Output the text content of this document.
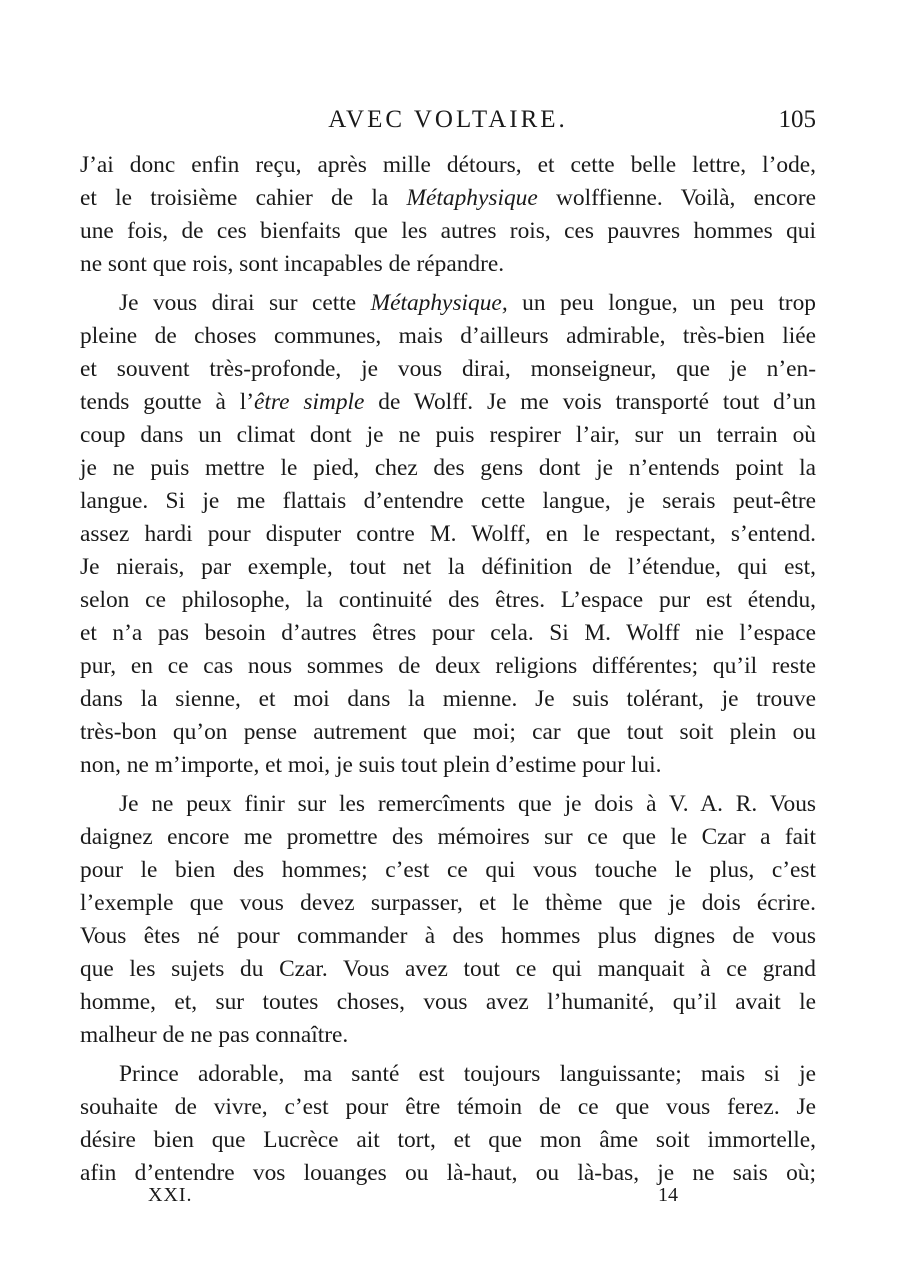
AVEC VOLTAIRE.	105
J’ai donc enfin reçu, après mille détours, et cette belle lettre, l’ode,
et le troisième cahier de la Métaphysique wolffienne. Voilà, encore
une fois, de ces bienfaits que les autres rois, ces pauvres hommes qui
ne sont que rois, sont incapables de répandre.
Je vous dirai sur cette Métaphysique, un peu longue, un peu trop
pleine de choses communes, mais d’ailleurs admirable, très-bien liée
et souvent très-profonde, je vous dirai, monseigneur, que je n’en-
tends goutte à l’être simple de Wolff. Je me vois transporté tout d’un
coup dans un climat dont je ne puis respirer l’air, sur un terrain où
je ne puis mettre le pied, chez des gens dont je n’entends point la
langue. Si je me flattais d’entendre cette langue, je serais peut-être
assez hardi pour disputer contre M. Wolff, en le respectant, s’entend.
Je nierais, par exemple, tout net la définition de l’étendue, qui est,
selon ce philosophe, la continuité des êtres. L’espace pur est étendu,
et n’a pas besoin d’autres êtres pour cela. Si M. Wolff nie l’espace
pur, en ce cas nous sommes de deux religions différentes; qu’il reste
dans la sienne, et moi dans la mienne. Je suis tolérant, je trouve
très-bon qu’on pense autrement que moi; car que tout soit plein ou
non, ne m’importe, et moi, je suis tout plein d’estime pour lui.
Je ne peux finir sur les remercîments que je dois à V. A. R. Vous
daignez encore me promettre des mémoires sur ce que le Czar a fait
pour le bien des hommes; c’est ce qui vous touche le plus, c’est
l’exemple que vous devez surpasser, et le thème que je dois écrire.
Vous êtes né pour commander à des hommes plus dignes de vous
que les sujets du Czar. Vous avez tout ce qui manquait à ce grand
homme, et, sur toutes choses, vous avez l’humanité, qu’il avait le
malheur de ne pas connaître.
Prince adorable, ma santé est toujours languissante; mais si je
souhaite de vivre, c’est pour être témoin de ce que vous ferez. Je
désire bien que Lucrèce ait tort, et que mon âme soit immortelle,
afin d’entendre vos louanges ou là-haut, ou là-bas, je ne sais où;
XXI.	14
